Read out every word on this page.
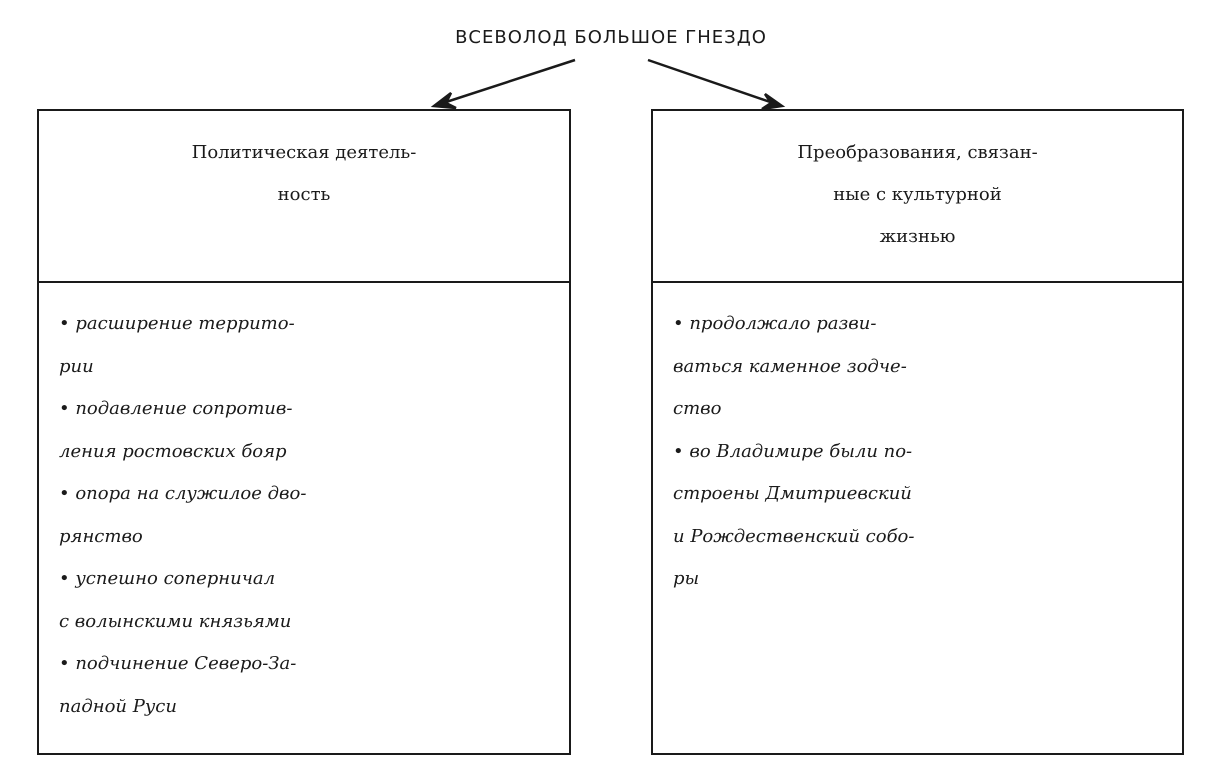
ВСЕВОЛОД БОЛЬШОЕ ГНЕЗДО
Политическая деятель-
ность
• расширение террито-
рии
• подавление сопротив-
ления ростовских бояр
• опора на служилое дво-
рянство
• успешно соперничал
с волынскими князьями
• подчинение Северо-За-
падной Руси
Преобразования, связан-
ные с культурной
жизнью
• продолжало разви-
ваться каменное зодче-
ство
• во Владимире были по-
строены Дмитриевский
и Рождественский собо-
ры
